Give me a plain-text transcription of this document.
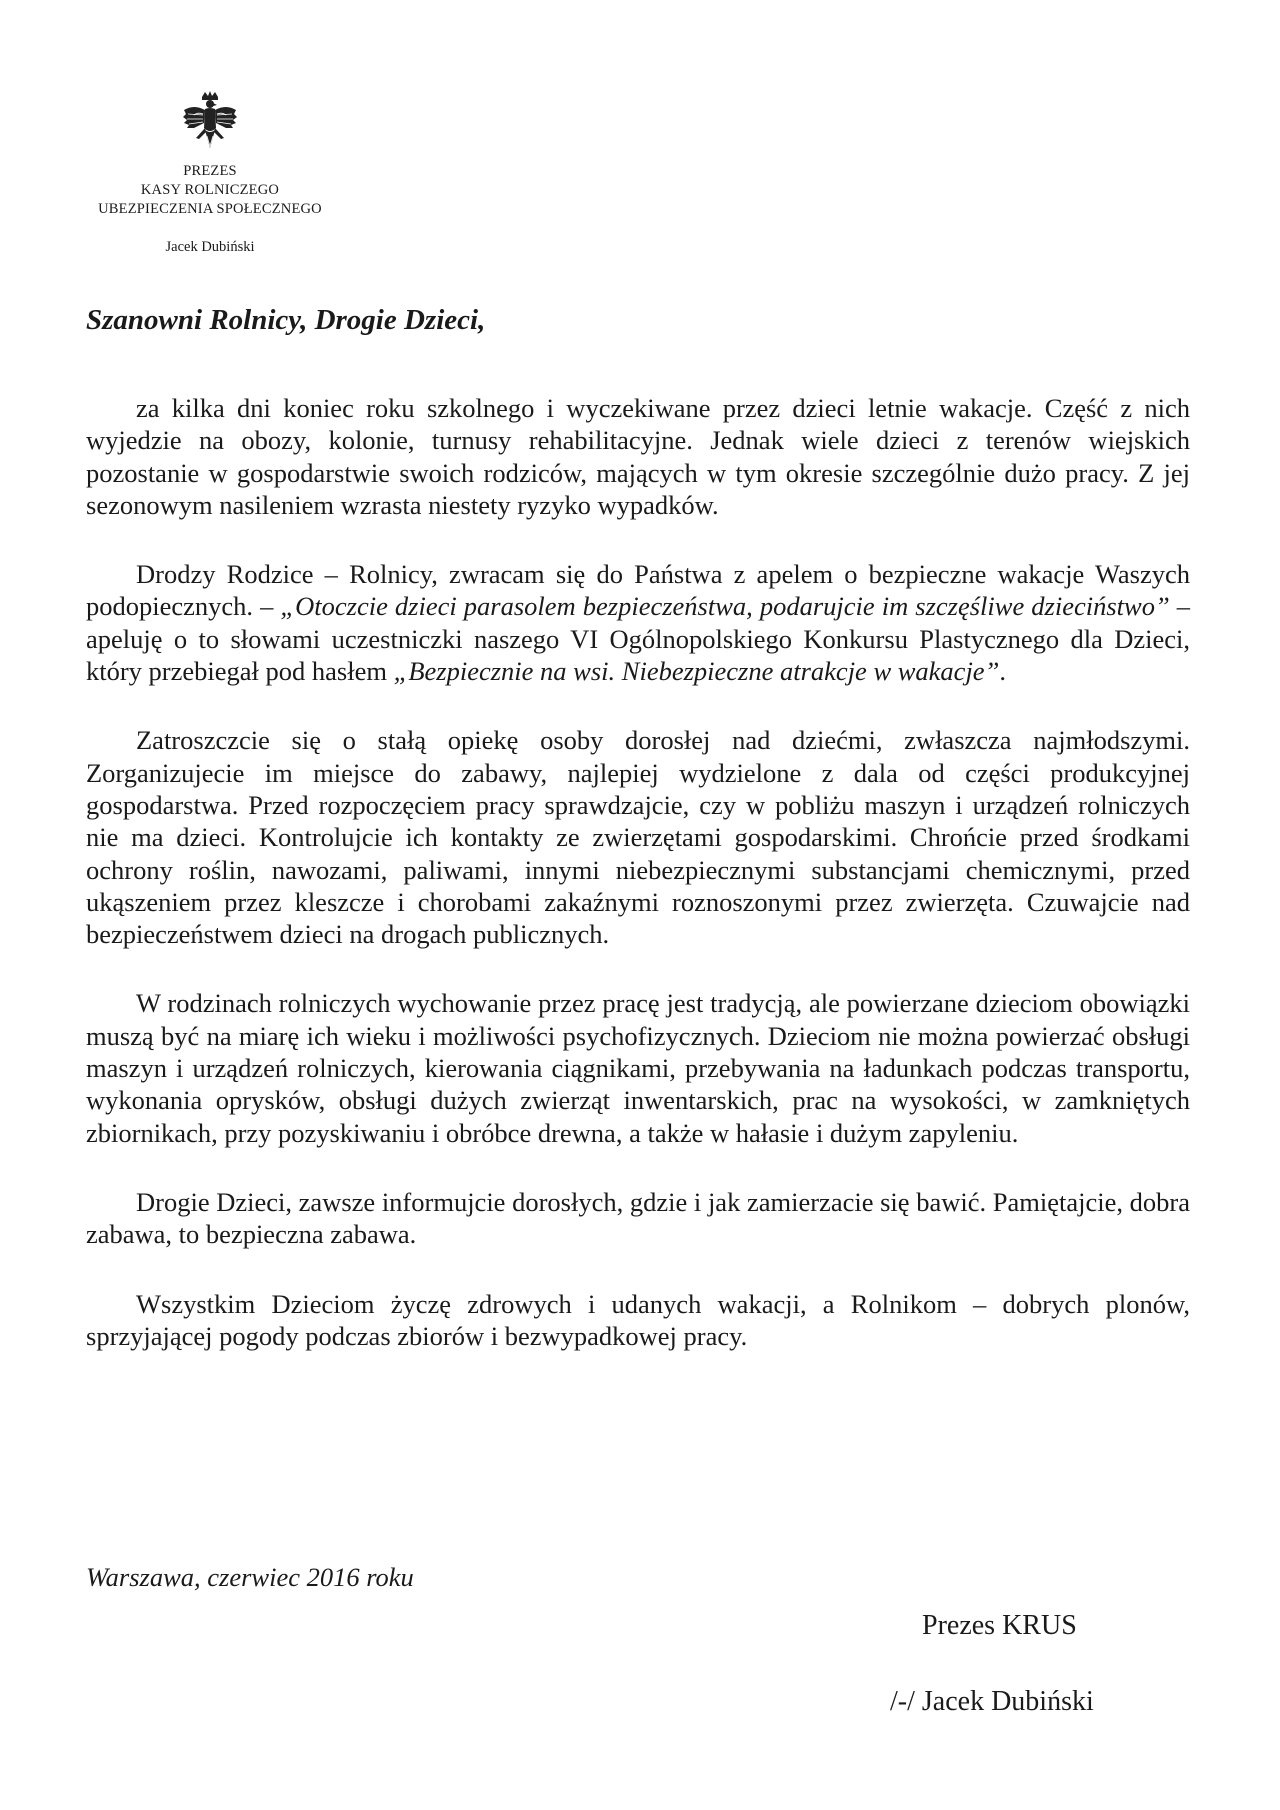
PREZES
KASY ROLNICZEGO
UBEZPIECZENIA SPOŁECZNEGO
Jacek Dubiński
Szanowni Rolnicy, Drogie Dzieci,

za kilka dni koniec roku szkolnego i wyczekiwane przez dzieci letnie wakacje. Część z nich wyjedzie na obozy, kolonie, turnusy rehabilitacyjne. Jednak wiele dzieci z terenów wiejskich pozostanie w gospodarstwie swoich rodziców, mających w tym okresie szczególnie dużo pracy. Z jej sezonowym nasileniem wzrasta niestety ryzyko wypadków.

Drodzy Rodzice – Rolnicy, zwracam się do Państwa z apelem o bezpieczne wakacje Waszych podopiecznych. – „Otoczcie dzieci parasolem bezpieczeństwa, podarujcie im szczęśliwe dzieciństwo” – apeluję o to słowami uczestniczki naszego VI Ogólnopolskiego Konkursu Plastycznego dla Dzieci, który przebiegał pod hasłem „Bezpiecznie na wsi. Niebezpieczne atrakcje w wakacje”.

Zatroszczcie się o stałą opiekę osoby dorosłej nad dziećmi, zwłaszcza najmłodszymi. Zorganizujecie im miejsce do zabawy, najlepiej wydzielone z dala od części produkcyjnej gospodarstwa. Przed rozpoczęciem pracy sprawdzajcie, czy w pobliżu maszyn i urządzeń rolniczych nie ma dzieci. Kontrolujcie ich kontakty ze zwierzętami gospodarskimi. Chrońcie przed środkami ochrony roślin, nawozami, paliwami, innymi niebezpiecznymi substancjami chemicznymi, przed ukąszeniem przez kleszcze i chorobami zakaźnymi roznoszonymi przez zwierzęta. Czuwajcie nad bezpieczeństwem dzieci na drogach publicznych.

W rodzinach rolniczych wychowanie przez pracę jest tradycją, ale powierzane dzieciom obowiązki muszą być na miarę ich wieku i możliwości psychofizycznych. Dzieciom nie można powierzać obsługi maszyn i urządzeń rolniczych, kierowania ciągnikami, przebywania na ładunkach podczas transportu, wykonania oprysków, obsługi dużych zwierząt inwentarskich, prac na wysokości, w zamkniętych zbiornikach, przy pozyskiwaniu i obróbce drewna, a także w hałasie i dużym zapyleniu.

Drogie Dzieci, zawsze informujcie dorosłych, gdzie i jak zamierzacie się bawić. Pamiętajcie, dobra zabawa, to bezpieczna zabawa.

Wszystkim Dzieciom życzę zdrowych i udanych wakacji, a Rolnikom – dobrych plonów, sprzyjającej pogody podczas zbiorów i bezwypadkowej pracy.

Warszawa, czerwiec 2016 roku

Prezes KRUS

/-/ Jacek Dubiński
